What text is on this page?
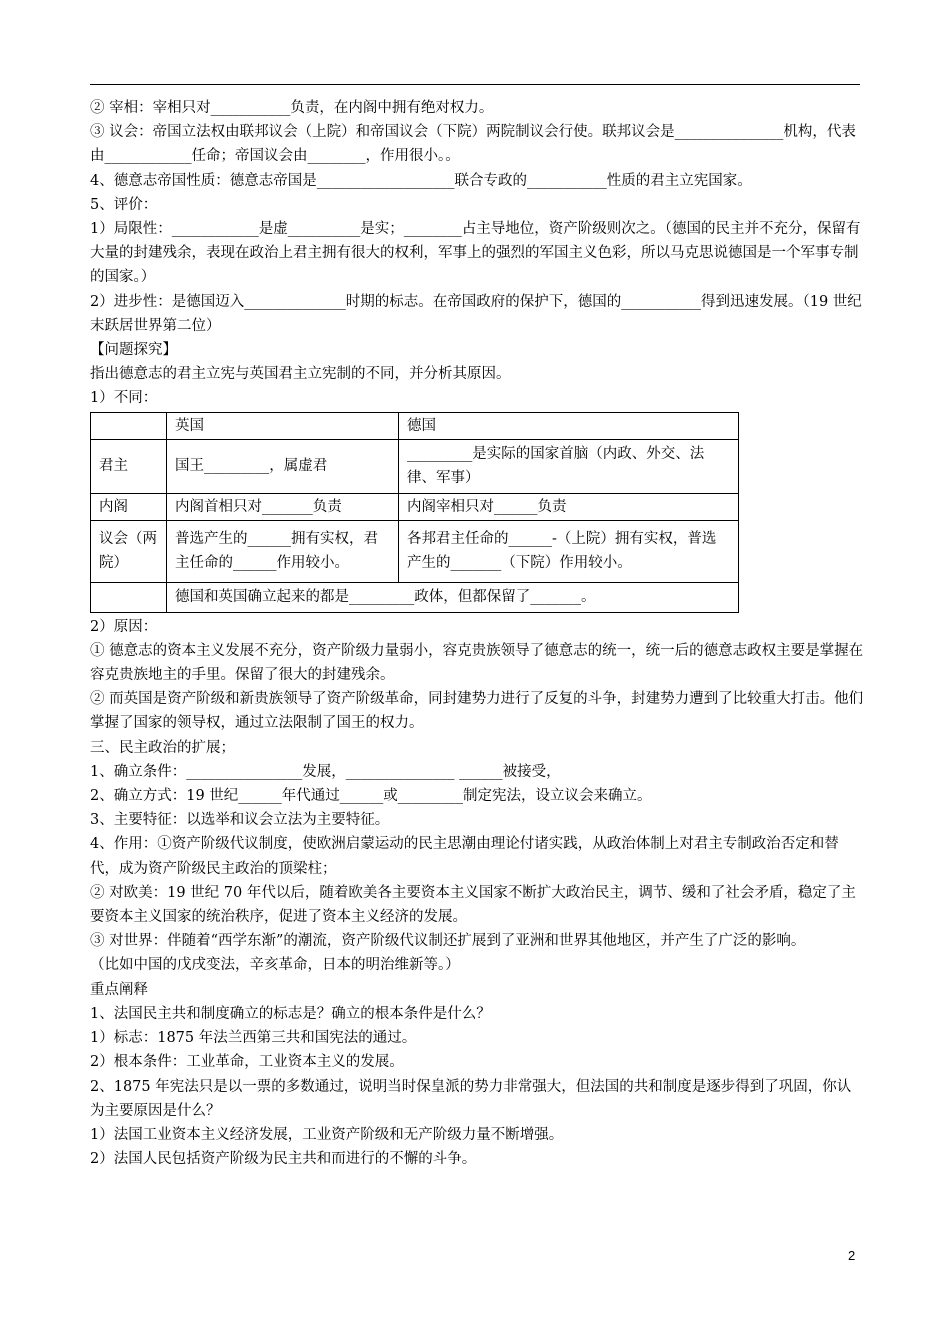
② 宰相：宰相只对___________负责，在内阁中拥有绝对权力。

③ 议会：帝国立法权由联邦议会（上院）和帝国议会（下院）两院制议会行使。联邦议会是_______________机构，代表由____________任命；帝国议会由________，作用很小。。

4、德意志帝国性质：德意志帝国是___________________联合专政的___________性质的君主立宪国家。

5、评价：

1）局限性：____________是虚__________是实；________占主导地位，资产阶级则次之。（德国的民主并不充分，保留有大量的封建残余，表现在政治上君主拥有很大的权利，军事上的强烈的军国主义色彩，所以马克思说德国是一个军事专制的国家。）

2）进步性：是德国迈入______________时期的标志。在帝国政府的保护下，德国的___________得到迅速发展。（19 世纪末跃居世界第二位）

【问题探究】

指出德意志的君主立宪与英国君主立宪制的不同，并分析其原因。

1）不同：

	英国	德国
君主	国王_________，属虚君	_________是实际的国家首脑（内政、外交、法律、军事）
内阁	内阁首相只对_______负责	内阁宰相只对______负责
议会（两院）	普选产生的______拥有实权，君主任命的______作用较小。	各邦君主任命的______-（上院）拥有实权，普选产生的_______（下院）作用较小。
	德国和英国确立起来的都是_________政体，但都保留了_______。	

2）原因：

① 德意志的资本主义发展不充分，资产阶级力量弱小，容克贵族领导了德意志的统一，统一后的德意志政权主要是掌握在容克贵族地主的手里。保留了很大的封建残余。

② 而英国是资产阶级和新贵族领导了资产阶级革命，同封建势力进行了反复的斗争，封建势力遭到了比较重大打击。他们掌握了国家的领导权，通过立法限制了国王的权力。

三、民主政治的扩展；

1、确立条件：________________发展，_______________ ______被接受，

2、确立方式：19 世纪______年代通过______或_________制定宪法，设立议会来确立。

3、主要特征：以选举和议会立法为主要特征。

4、作用：①资产阶级代议制度，使欧洲启蒙运动的民主思潮由理论付诸实践，从政治体制上对君主专制政治否定和替代，成为资产阶级民主政治的顶梁柱；

② 对欧美：19 世纪 70 年代以后，随着欧美各主要资本主义国家不断扩大政治民主，调节、缓和了社会矛盾，稳定了主要资本主义国家的统治秩序，促进了资本主义经济的发展。

③ 对世界：伴随着“西学东渐”的潮流，资产阶级代议制还扩展到了亚洲和世界其他地区，并产生了广泛的影响。

（比如中国的戊戌变法，辛亥革命，日本的明治维新等。）

重点阐释

1、法国民主共和制度确立的标志是？确立的根本条件是什么？

1）标志：1875 年法兰西第三共和国宪法的通过。

2）根本条件：工业革命，工业资本主义的发展。

2、1875 年宪法只是以一票的多数通过，说明当时保皇派的势力非常强大，但法国的共和制度是逐步得到了巩固，你认为主要原因是什么？

1）法国工业资本主义经济发展，工业资产阶级和无产阶级力量不断增强。

2）法国人民包括资产阶级为民主共和而进行的不懈的斗争。

2
